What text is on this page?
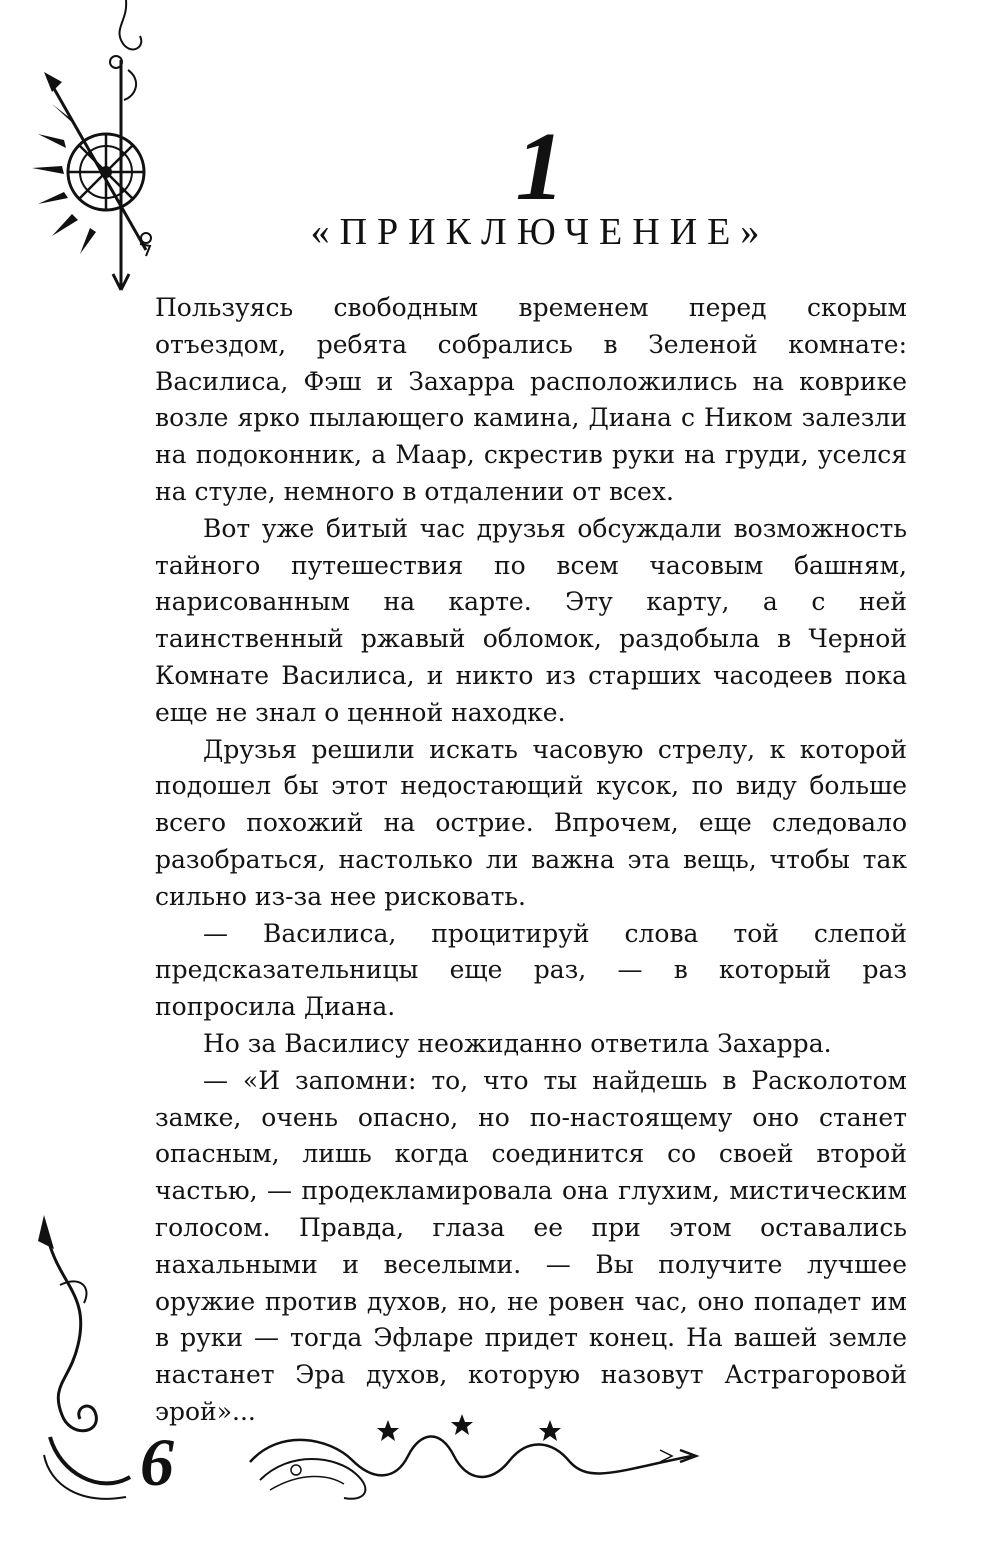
1
«ПРИКЛЮЧЕНИЕ»

Пользуясь свободным временем перед скорым отъездом, ребята собрались в Зеленой комнате: Василиса, Фэш и Захарра расположились на коврике возле ярко пылающего камина, Диана с Ником залезли на подоконник, а Маар, скрестив руки на груди, уселся на стуле, немного в отдалении от всех.

Вот уже битый час друзья обсуждали возможность тайного путешествия по всем часовым башням, нарисованным на карте. Эту карту, а с ней таинственный ржавый обломок, раздобыла в Черной Комнате Василиса, и никто из старших часодеев пока еще не знал о ценной находке.

Друзья решили искать часовую стрелу, к которой подошел бы этот недостающий кусок, по виду больше всего похожий на острие. Впрочем, еще следовало разобраться, настолько ли важна эта вещь, чтобы так сильно из-за нее рисковать.

— Василиса, процитируй слова той слепой предсказательницы еще раз, — в который раз попросила Диана.

Но за Василису неожиданно ответила Захарра.

— «И запомни: то, что ты найдешь в Расколотом замке, очень опасно, но по-настоящему оно станет опасным, лишь когда соединится со своей второй частью, — продекламировала она глухим, мистическим голосом. Правда, глаза ее при этом оставались нахальными и веселыми. — Вы получите лучшее оружие против духов, но, не ровен час, оно попадет им в руки — тогда Эфларе придет конец. На вашей земле настанет Эра духов, которую назовут Астрагоровой эрой»...

6
